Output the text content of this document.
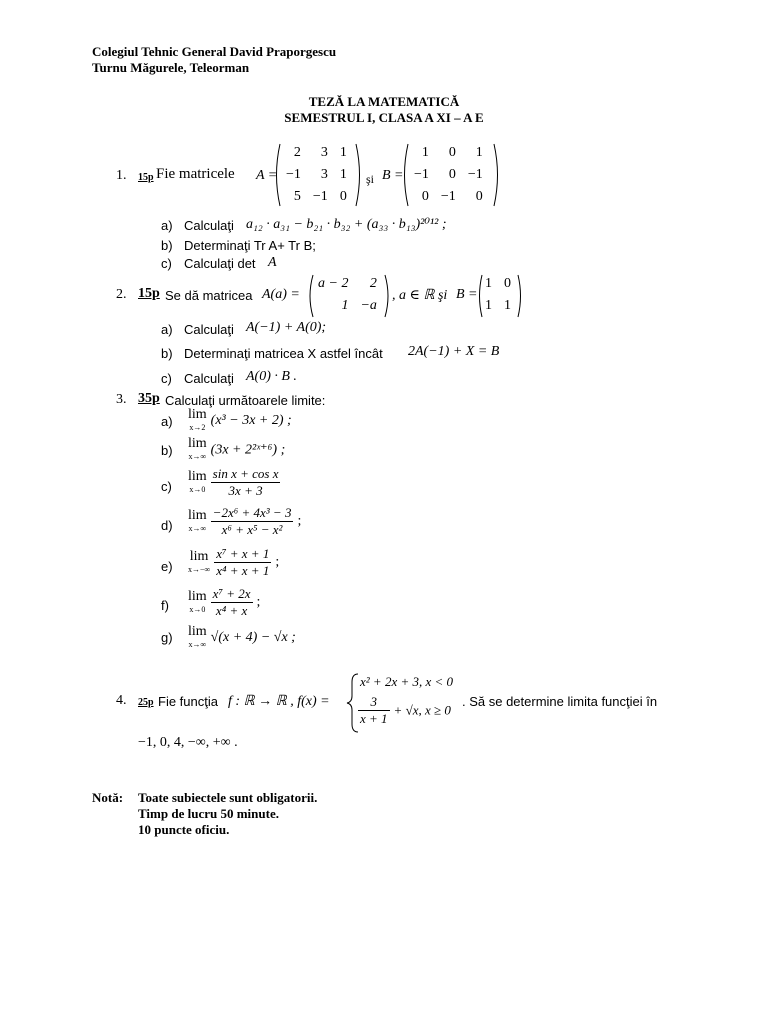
Colegiul Tehnic General David Praporgescu
Turnu Măgurele, Teleorman
TEZĂ LA MATEMATICĂ
SEMESTRUL I, CLASA A XI – A E
1. 15p Fie matricele A =
2	3	1
−1	3	1
5	−1	0
şi B =
1	0	1
−1	0	−1
0	−1	0
a) Calculaţi a₁₂ · a₃₁ − b₂₁ · b₃₂ + (a₃₃ · b₁₃)²⁰¹² ;
b) Determinaţi Tr A+ Tr B;
c) Calculaţi det A
2. 15p Se dă matricea A(a) =
a − 2	2
1	−a
, a ∈ ℝ şi B =
1	0
1	1
a) Calculaţi A(−1) + A(0);
b) Determinaţi matricea X astfel încât 2A(−1) + X = B
c) Calculaţi A(0) · B .
3. 35p Calculaţi următoarele limite:
a) lim
x→2 (x³ − 3x + 2) ;
b) lim
x→∞ (3x + 2²ˣ⁺⁶) ;
c)
lim
x→0
$\frac{\text{sin x + cos x}}{3x + 3}$
d)
lim
x→∞
$\frac{\text{−2x⁶ + 4x³ − 3}}{\text{x⁶ + x⁵ − x²}}$ ;
e)
lim
x→−∞
$\frac{\text{x⁷ + x + 1}}{\text{x⁴ + x + 1}}$ ;
f)
lim
x→0
$\frac{\text{x⁷ + 2x}}{\text{x⁴ + x}}$ ;
g) lim
x→∞ √(x + 4) − √x ;
4. 25p Fie funcţia f : ℝ → ℝ , f(x) =
x² + 2x + 3, x < 0
$\frac{3}{x + 1} + √x$, x ≥ 0
. Să se determine limita funcţiei în
−1, 0, 4, −∞, +∞ .
Notă: Toate subiectele sunt obligatorii.
Timp de lucru 50 minute.
10 puncte oficiu.
